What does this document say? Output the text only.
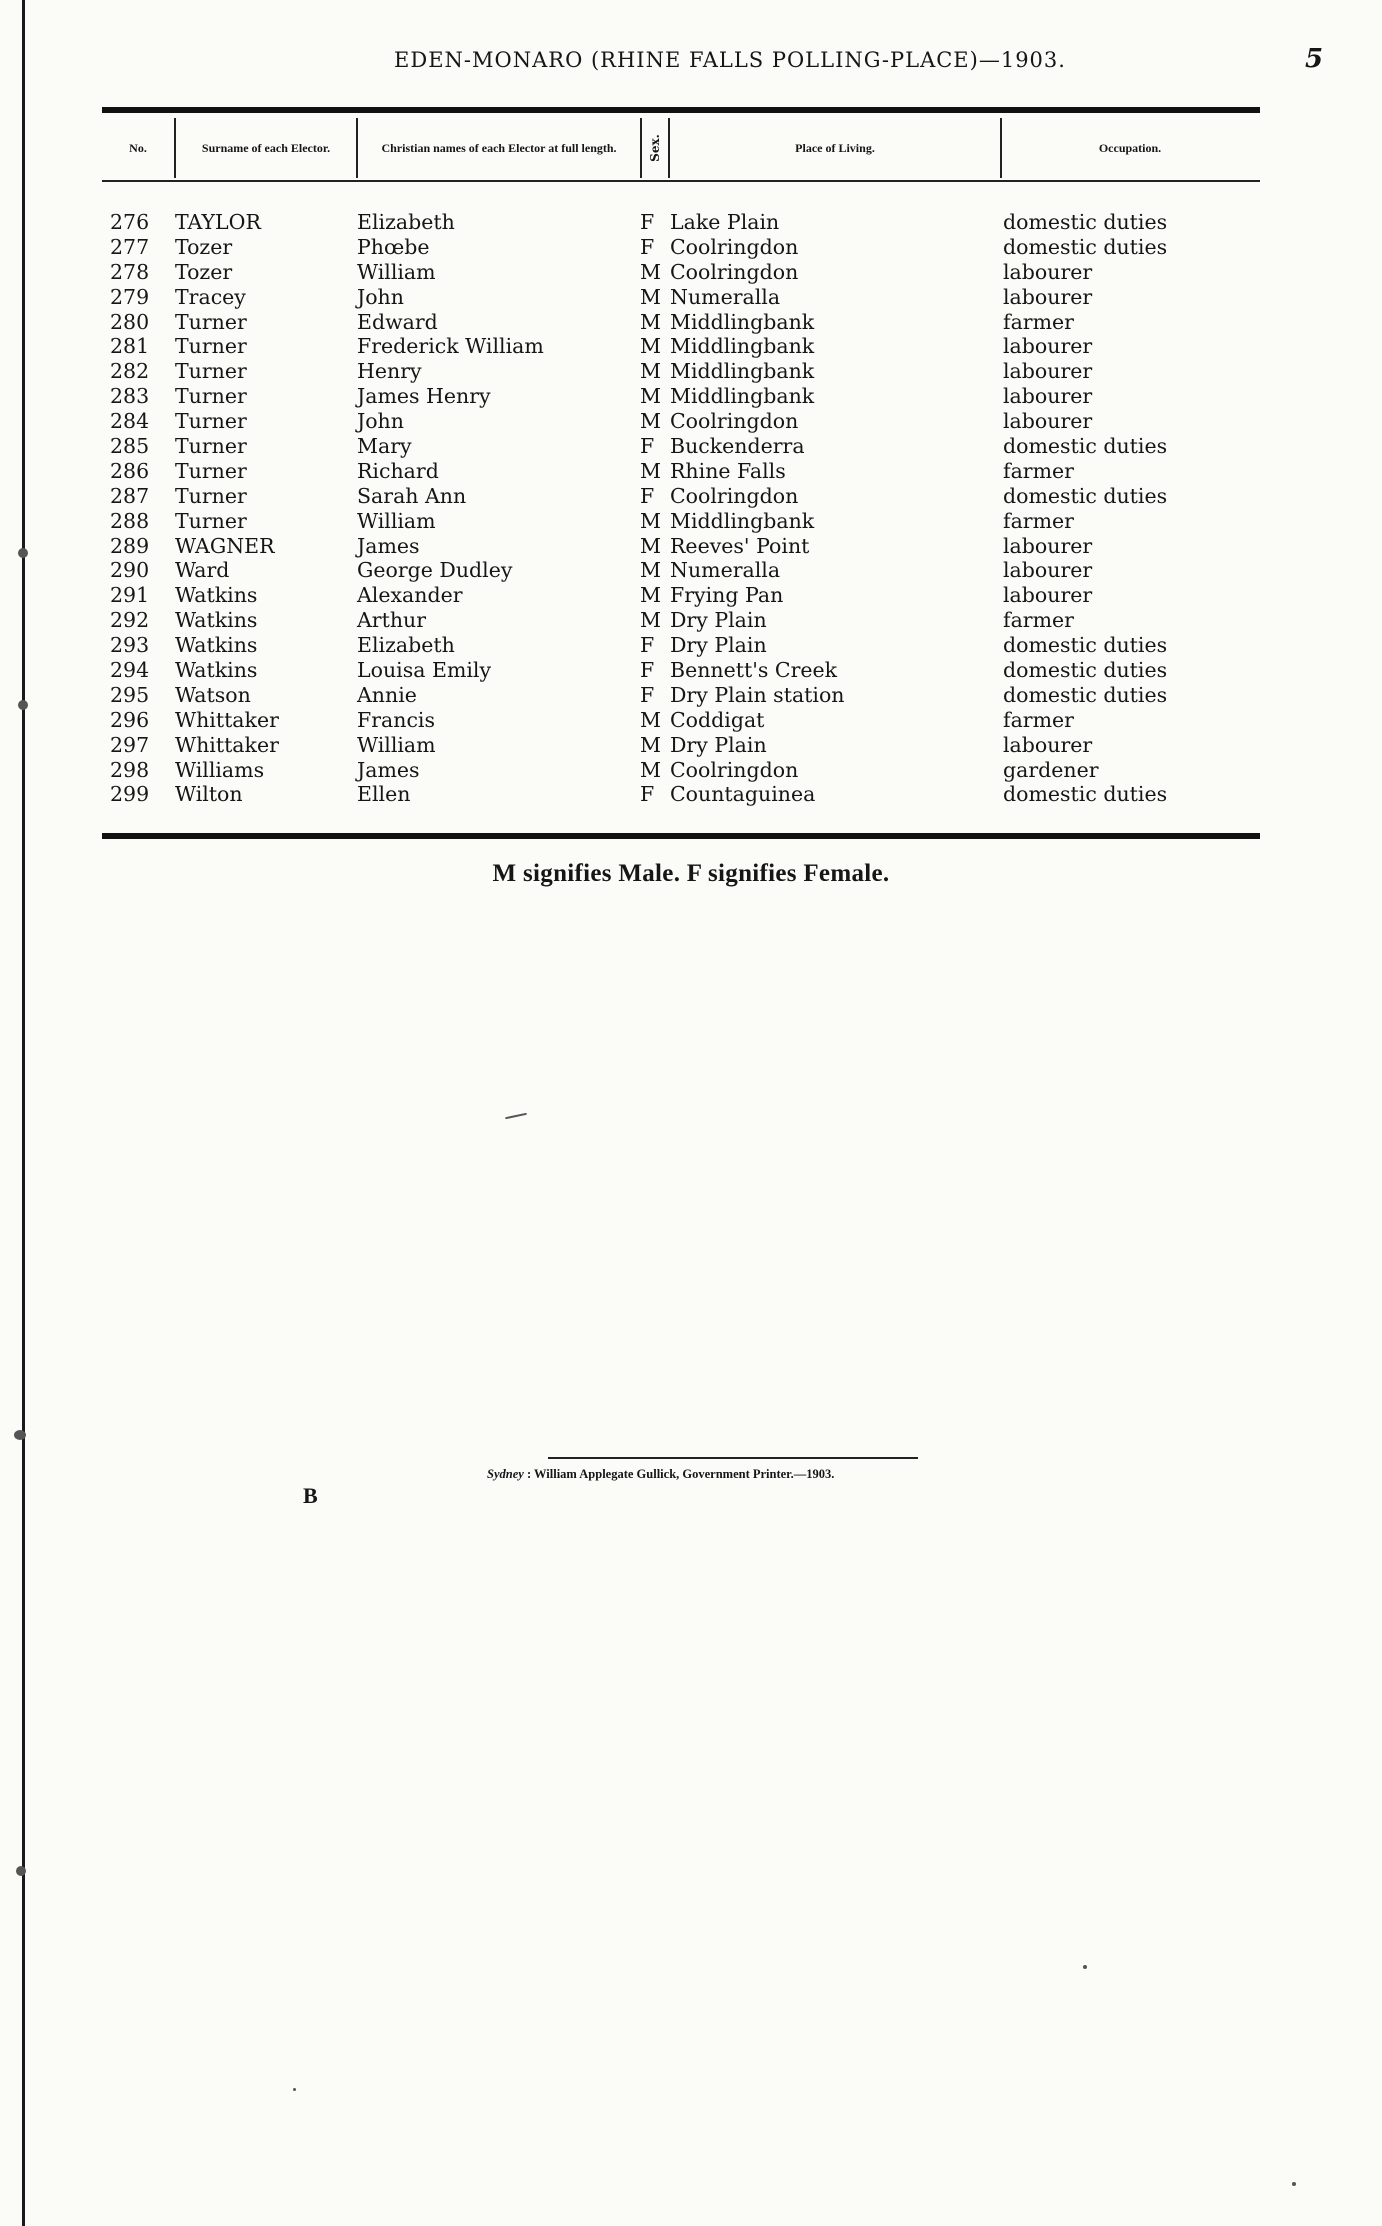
EDEN-MONARO (RHINE FALLS POLLING-PLACE)—1903.	5
No.	Surname of each Elector.	Christian names of each Elector at full length.	Sex.	Place of Living.	Occupation.
276 TAYLOR	Elizabeth	F Lake Plain	domestic duties
277 Tozer	Phœbe	F Coolringdon	domestic duties
278 Tozer	William	M Coolringdon	labourer
279 Tracey	John	M Numeralla	labourer
280 Turner	Edward	M Middlingbank	farmer
281 Turner	Frederick William	M Middlingbank	labourer
282 Turner	Henry	M Middlingbank	labourer
283 Turner	James Henry	M Middlingbank	labourer
284 Turner	John	M Coolringdon	labourer
285 Turner	Mary	F Buckenderra	domestic duties
286 Turner	Richard	M Rhine Falls	farmer
287 Turner	Sarah Ann	F Coolringdon	domestic duties
288 Turner	William	M Middlingbank	farmer
289 WAGNER	James	M Reeves' Point	labourer
290 Ward	George Dudley	M Numeralla	labourer
291 Watkins	Alexander	M Frying Pan	labourer
292 Watkins	Arthur	M Dry Plain	farmer
293 Watkins	Elizabeth	F Dry Plain	domestic duties
294 Watkins	Louisa Emily	F Bennett's Creek	domestic duties
295 Watson	Annie	F Dry Plain station	domestic duties
296 Whittaker	Francis	M Coddigat	farmer
297 Whittaker	William	M Dry Plain	labourer
298 Williams	James	M Coolringdon	gardener
299 Wilton	Ellen	F Countaguinea	domestic duties
M signifies Male. F signifies Female.
Sydney : William Applegate Gullick, Government Printer.—1903.
B
